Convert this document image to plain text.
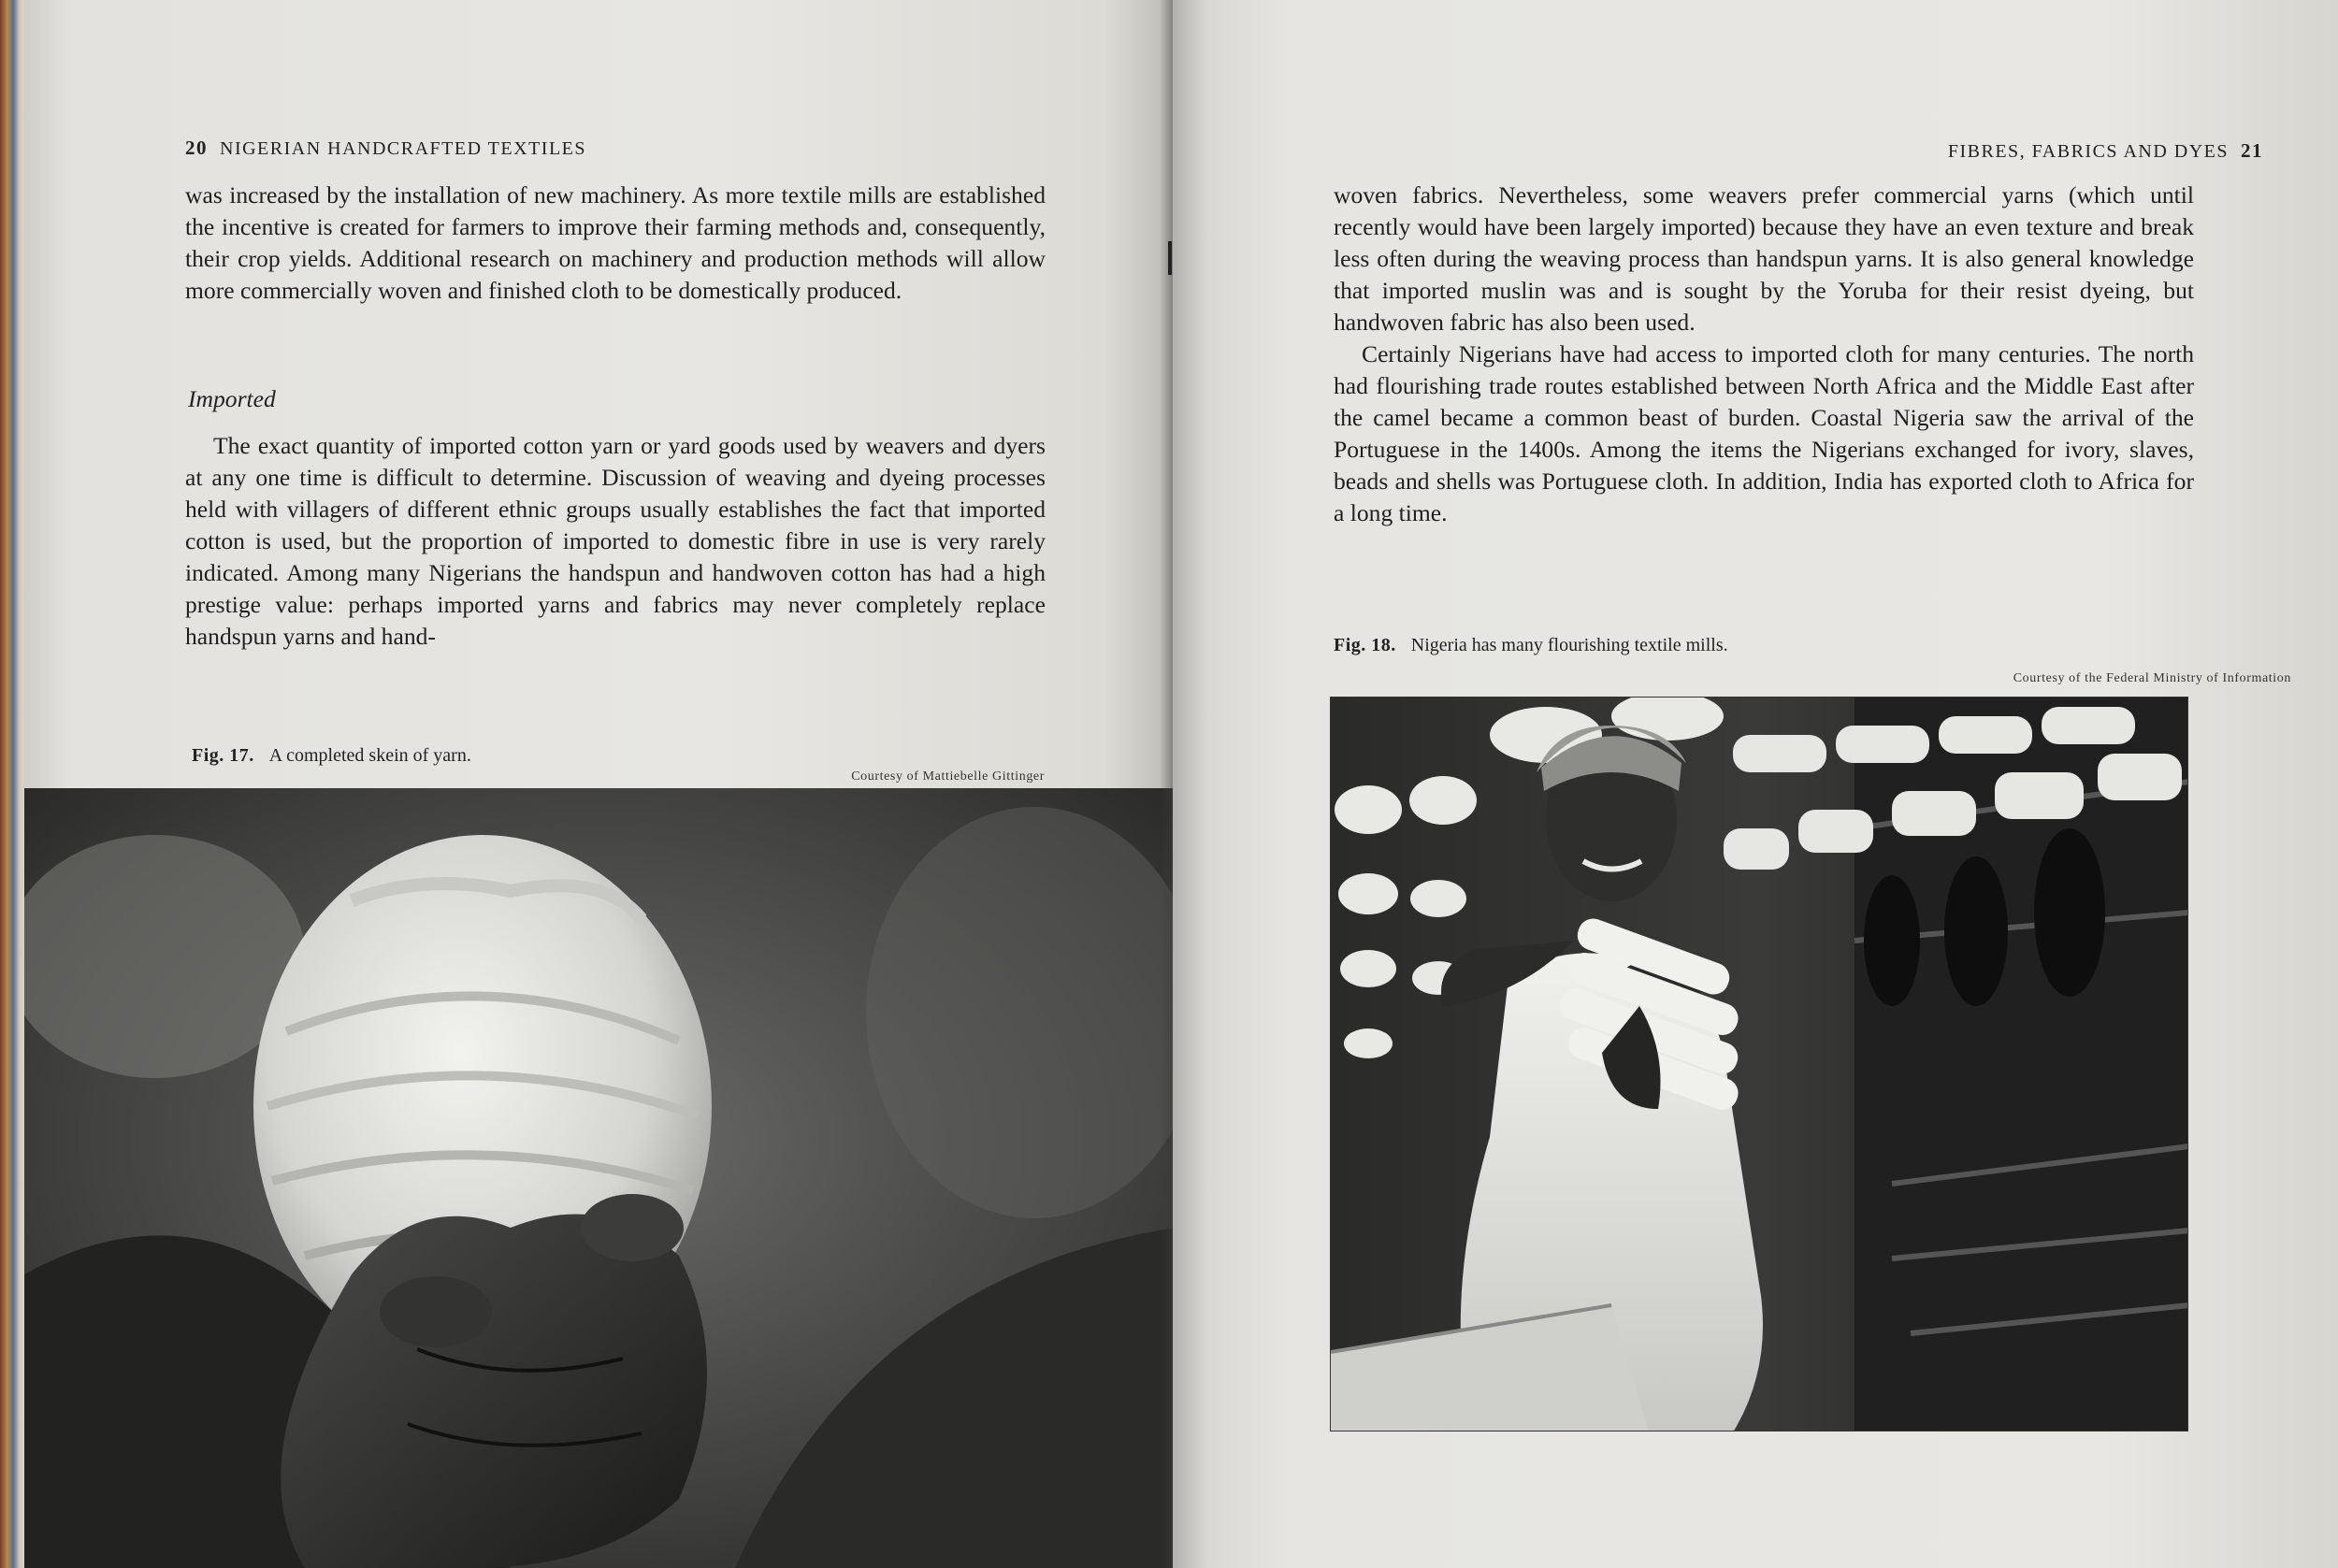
20 NIGERIAN HANDCRAFTED TEXTILES

was increased by the installation of new machinery. As more textile mills are established the incentive is created for farmers to improve their farming methods and, consequently, their crop yields. Additional research on machinery and production methods will allow more commercially woven and finished cloth to be domestically produced.

Imported

The exact quantity of imported cotton yarn or yard goods used by weavers and dyers at any one time is difficult to determine. Discussion of weaving and dyeing processes held with villagers of different ethnic groups usually establishes the fact that imported cotton is used, but the proportion of imported to domestic fibre in use is very rarely indicated. Among many Nigerians the handspun and handwoven cotton has had a high prestige value: perhaps imported yarns and fabrics may never completely replace handspun yarns and hand-

Fig. 17. A completed skein of yarn.
Courtesy of Mattiebelle Gittinger
FIBRES, FABRICS AND DYES 21

woven fabrics. Nevertheless, some weavers prefer commercial yarns (which until recently would have been largely imported) because they have an even texture and break less often during the weaving process than handspun yarns. It is also general knowledge that imported muslin was and is sought by the Yoruba for their resist dyeing, but handwoven fabric has also been used.

Certainly Nigerians have had access to imported cloth for many centuries. The north had flourishing trade routes established between North Africa and the Middle East after the camel became a common beast of burden. Coastal Nigeria saw the arrival of the Portuguese in the 1400s. Among the items the Nigerians exchanged for ivory, slaves, beads and shells was Portuguese cloth. In addition, India has exported cloth to Africa for a long time.

Fig. 18. Nigeria has many flourishing textile mills.
Courtesy of the Federal Ministry of Information
